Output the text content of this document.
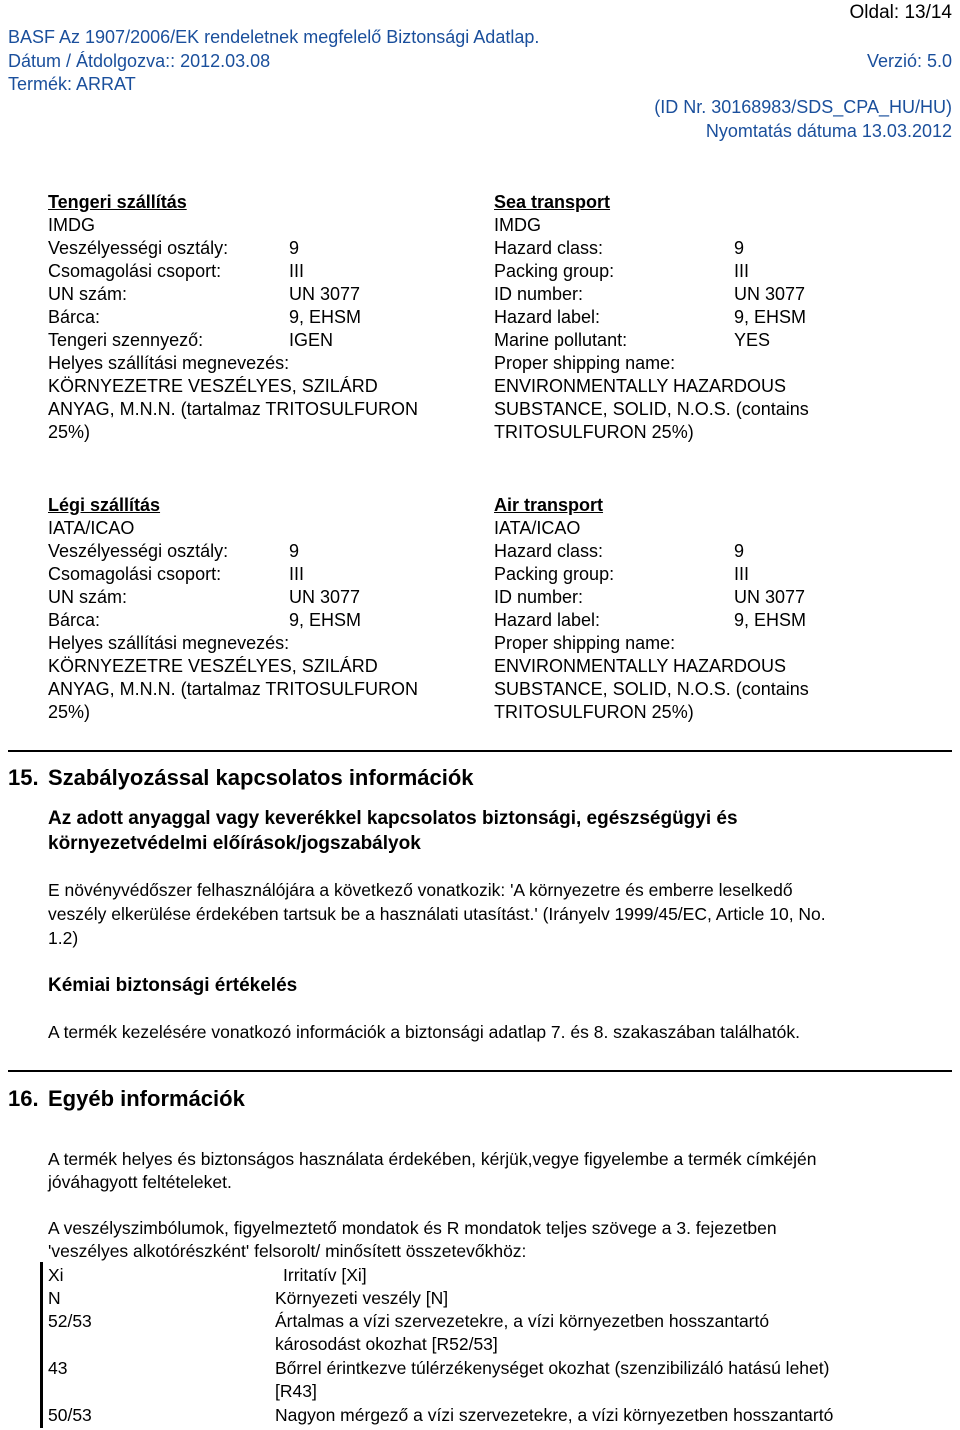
Oldal: 13/14
BASF Az 1907/2006/EK rendeletnek megfelelő Biztonsági Adatlap.
Dátum / Átdolgozva:: 2012.03.08	Verzió: 5.0
Termék: ARRAT
(ID Nr. 30168983/SDS_CPA_HU/HU)
Nyomtatás dátuma 13.03.2012
Tengeri szállítás
IMDG
Veszélyességi osztály:	9
Csomagolási csoport:	III
UN szám:	UN 3077
Bárca:	9, EHSM
Tengeri szennyező:	IGEN
Helyes szállítási megnevezés:
KÖRNYEZETRE VESZÉLYES, SZILÁRD
ANYAG, M.N.N. (tartalmaz TRITOSULFURON
25%)
Sea transport
IMDG
Hazard class:	9
Packing group:	III
ID number:	UN 3077
Hazard label:	9, EHSM
Marine pollutant:	YES
Proper shipping name:
ENVIRONMENTALLY HAZARDOUS
SUBSTANCE, SOLID, N.O.S. (contains
TRITOSULFURON 25%)
Légi szállítás
IATA/ICAO
Veszélyességi osztály:	9
Csomagolási csoport:	III
UN szám:	UN 3077
Bárca:	9, EHSM
Helyes szállítási megnevezés:
KÖRNYEZETRE VESZÉLYES, SZILÁRD
ANYAG, M.N.N. (tartalmaz TRITOSULFURON
25%)
Air transport
IATA/ICAO
Hazard class:	9
Packing group:	III
ID number:	UN 3077
Hazard label:	9, EHSM
Proper shipping name:
ENVIRONMENTALLY HAZARDOUS
SUBSTANCE, SOLID, N.O.S. (contains
TRITOSULFURON 25%)
15. Szabályozással kapcsolatos információk
Az adott anyaggal vagy keverékkel kapcsolatos biztonsági, egészségügyi és
környezetvédelmi előírások/jogszabályok
E növényvédőszer felhasználójára a következő vonatkozik: 'A környezetre és emberre leselkedő
veszély elkerülése érdekében tartsuk be a használati utasítást.' (Irányelv 1999/45/EC, Article 10, No.
1.2)
Kémiai biztonsági értékelés
A termék kezelésére vonatkozó információk a biztonsági adatlap 7. és 8. szakaszában találhatók.
16. Egyéb információk
A termék helyes és biztonságos használata érdekében, kérjük,vegye figyelembe a termék címkéjén
jóváhagyott feltételeket.
A veszélyszimbólumok, figyelmeztető mondatok és R mondatok teljes szövege a 3. fejezetben
'veszélyes alkotórészként' felsorolt/ minősített összetevőkhöz:
Xi	Irritatív [Xi]
N	Környezeti veszély [N]
52/53	Ártalmas a vízi szervezetekre, a vízi környezetben hosszantartó
károsodást okozhat [R52/53]
43	Bőrrel érintkezve túlérzékenységet okozhat (szenzibilizáló hatású lehet)
[R43]
50/53	Nagyon mérgező a vízi szervezetekre, a vízi környezetben hosszantartó
